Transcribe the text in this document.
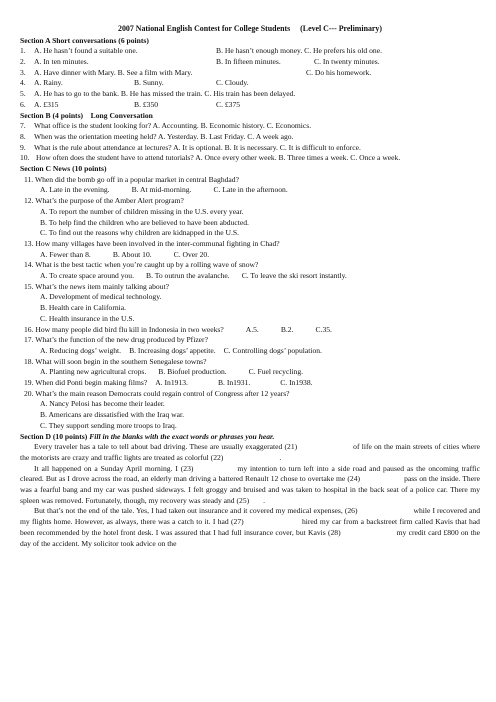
2007 National English Contest for College Students (Level C--- Preliminary)
Section A Short conversations (6 points)
1. A. He hasn’t found a suitable one.	B. He hasn’t enough money. C. He prefers his old one.
2. A. In ten minutes.	B. In fifteen minutes.	C. In twenty minutes.
3. A. Have dinner with Mary. B. See a film with Mary.	C. Do his homework.
4. A. Rainy.	B. Sunny.	C. Cloudy.
5. A. He has to go to the bank. B. He has missed the train. C. His train has been delayed.
6. A. £315	B. £350	C. £375
Section B (4 points) Long Conversation
7. What office is the student looking for? A. Accounting. B. Economic history. C. Economics.
8. When was the orientation meeting held? A. Yesterday. B. Last Friday. C. A week ago.
9. What is the rule about attendance at lectures? A. It is optional. B. It is necessary. C. It is difficult to enforce.
10. How often does the student have to attend tutorials? A. Once every other week. B. Three times a week. C. Once a week.
Section C News (10 points)
11. When did the bomb go off in a popular market in central Baghdad?
A. Late in the evening.	B. At mid-morning.	C. Late in the afternoon.
12. What’s the purpose of the Amber Alert program?
A. To report the number of children missing in the U.S. every year.
B. To help find the children who are believed to have been abducted.
C. To find out the reasons why children are kidnapped in the U.S.
13. How many villages have been involved in the inter-communal fighting in Chad?
A. Fewer than 8.	B. About 10.	C. Over 20.
14. What is the best tactic when you’re caught up by a rolling wave of snow?
A. To create space around you. B. To outrun the avalanche. C. To leave the ski resort instantly.
15. What’s the news item mainly talking about?
A. Development of medical technology.
B. Health care in California.
C. Health insurance in the U.S.
16. How many people did bird flu kill in Indonesia in two weeks?	A.5.	B.2.	C.35.
17. What’s the function of the new drug produced by Pfizer?
A. Reducing dogs’ weight. B. Increasing dogs’ appetite. C. Controlling dogs’ population.
18. What will soon begin in the southern Senegalese towns?
A. Planting new agricultural crops. B. Biofuel production.	C. Fuel recycling.
19. When did Ponti begin making films? A. In1913.	B. In1931.	C. In1938.
20. What’s the main reason Democrats could regain control of Congress after 12 years?
A. Nancy Pelosi has become their leader.
B. Americans are dissatisfied with the Iraq war.
C. They support sending more troops to Iraq.
Section D (10 points) Fill in the blanks with the exact words or phrases you hear.
Every traveler has a tale to tell about bad driving. These are usually exaggerated (21)	of life on the main streets of cities where the motorists are crazy and traffic lights are treated as colorful (22)	.
It all happened on a Sunday April morning. I (23)	my intention to turn left into a side road and paused as the oncoming traffic cleared. But as I drove across the road, an elderly man driving a battered Renault 12 chose to overtake me (24)	pass on the inside. There was a fearful bang and my car was pushed sideways. I felt groggy and bruised and was taken to hospital in the back seat of a police car. There my spleen was removed. Fortunately, though, my recovery was steady and (25) .
But that’s not the end of the tale. Yes, I had taken out insurance and it covered my medical expenses, (26)	while I recovered and my flights home. However, as always, there was a catch to it. I had (27)	hired my car from a backstreet firm called Kavis that had been recommended by the hotel front desk. I was assured that I had full insurance cover, but Kavis (28)	my credit card £800 on the day of the accident. My solicitor took advice on the
